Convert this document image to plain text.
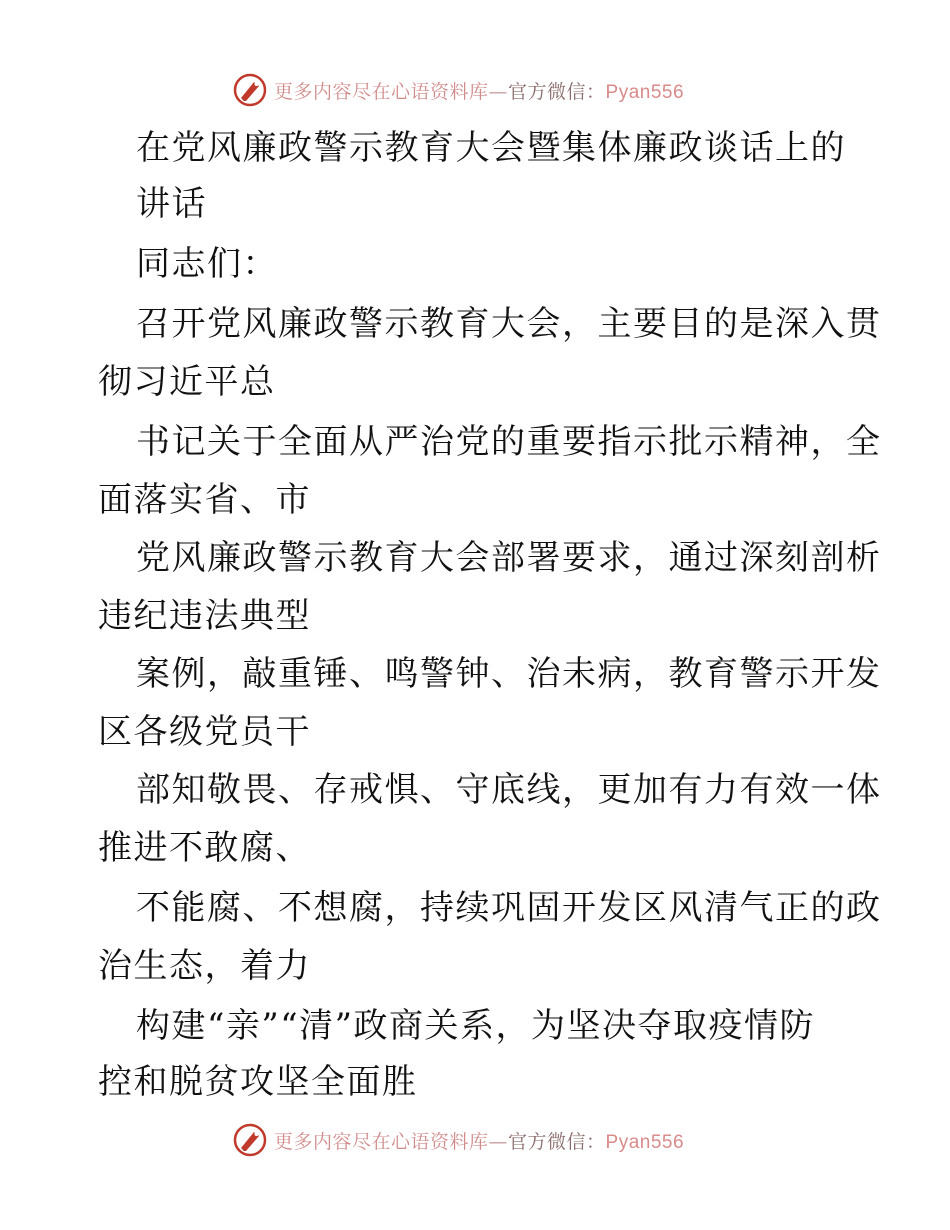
更多内容尽在心语资料库—官方微信：Pyan556
在党风廉政警示教育大会暨集体廉政谈话上的
讲话
同志们：
召开党风廉政警示教育大会，主要目的是深入贯
彻习近平总
书记关于全面从严治党的重要指示批示精神，全
面落实省、市
党风廉政警示教育大会部署要求，通过深刻剖析
违纪违法典型
案例，敲重锤、鸣警钟、治未病，教育警示开发
区各级党员干
部知敬畏、存戒惧、守底线，更加有力有效一体
推进不敢腐、
不能腐、不想腐，持续巩固开发区风清气正的政
治生态，着力
构建“亲”“清”政商关系，为坚决夺取疫情防
控和脱贫攻坚全面胜
更多内容尽在心语资料库—官方微信：Pyan556
